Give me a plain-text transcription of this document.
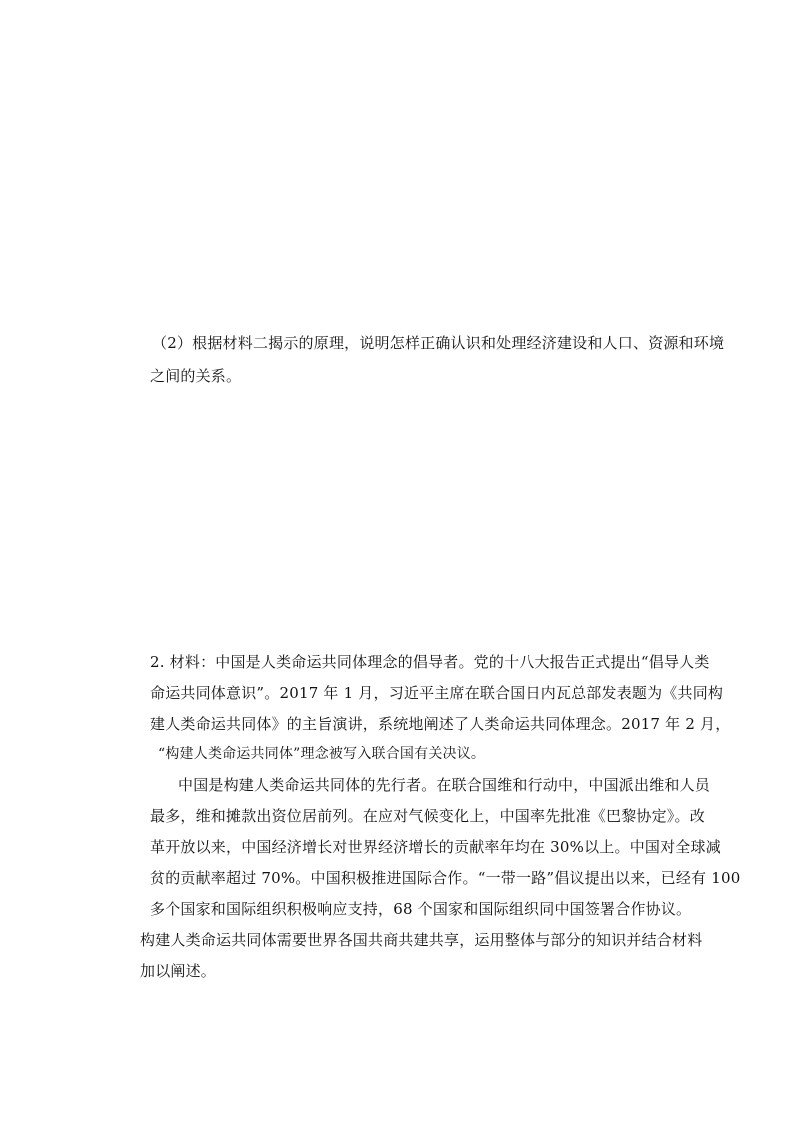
（2）根据材料二揭示的原理，说明怎样正确认识和处理经济建设和人口、资源和环境
之间的关系。
2. 材料：中国是人类命运共同体理念的倡导者。党的十八大报告正式提出“倡导人类
命运共同体意识”。2017 年 1 月，习近平主席在联合国日内瓦总部发表题为《共同构
建人类命运共同体》的主旨演讲，系统地阐述了人类命运共同体理念。2017 年 2 月，
“构建人类命运共同体”理念被写入联合国有关决议。
中国是构建人类命运共同体的先行者。在联合国维和行动中，中国派出维和人员
最多，维和摊款出资位居前列。在应对气候变化上，中国率先批准《巴黎协定》。改
革开放以来，中国经济增长对世界经济增长的贡献率年均在 30%以上。中国对全球减
贫的贡献率超过 70%。中国积极推进国际合作。“一带一路”倡议提出以来，已经有 100
多个国家和国际组织积极响应支持，68 个国家和国际组织同中国签署合作协议。
构建人类命运共同体需要世界各国共商共建共享，运用整体与部分的知识并结合材料
加以阐述。
